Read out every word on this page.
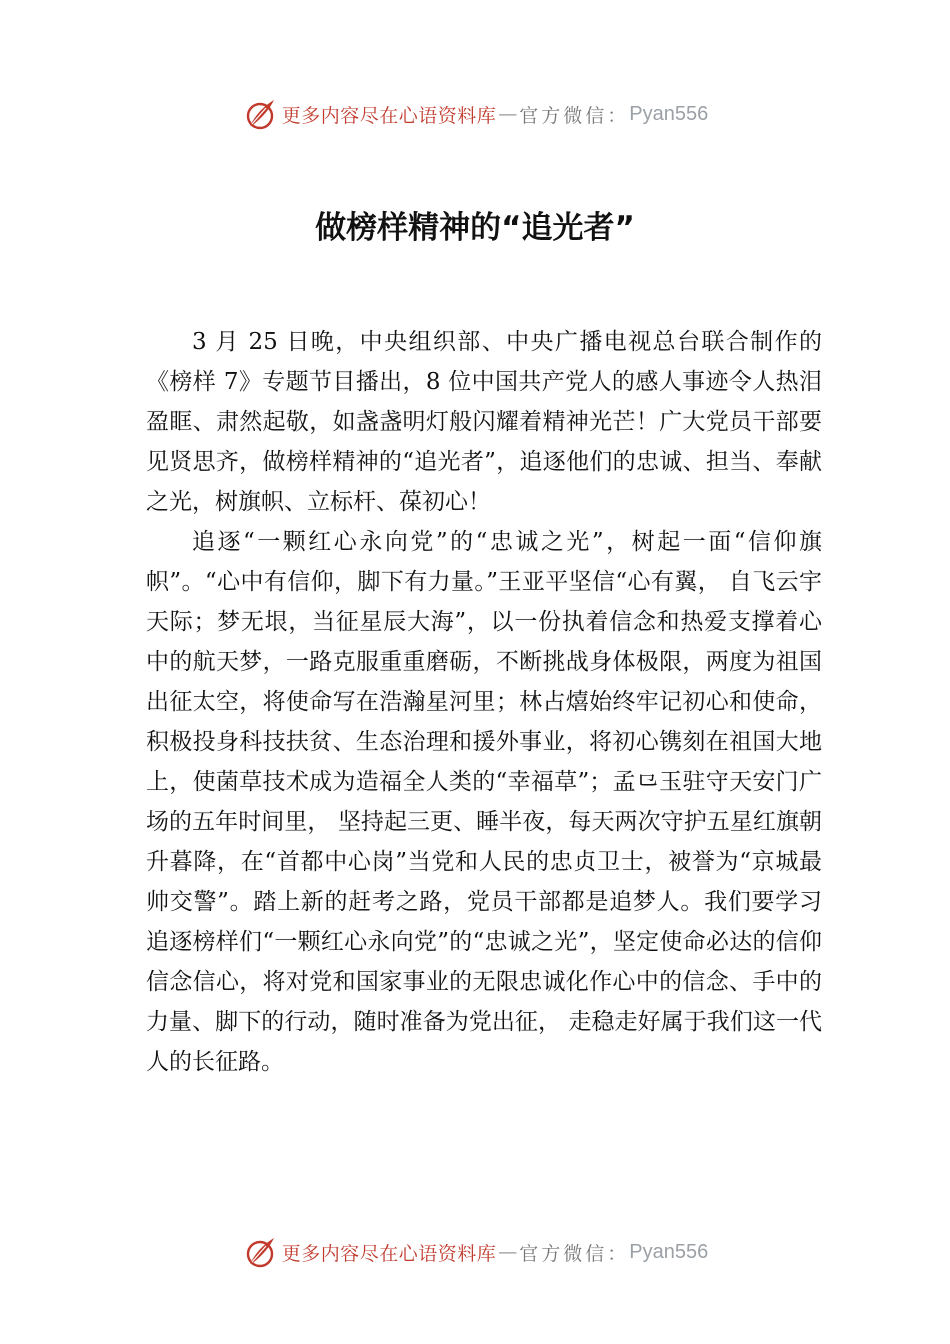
更多内容尽在心语资料库 — 官方微信： Pyan556
做榜样精神的“追光者”

3 月 25 日晚，中央组织部、中央广播电视总台联合制作的《榜样 7》专题节目播出，8 位中国共产党人的感人事迹令人热泪盈眶、肃然起敬，如盏盏明灯般闪耀着精神光芒！广大党员干部要见贤思齐，做榜样精神的“追光者”，追逐他们的忠诚、担当、奉献之光，树旗帜、立标杆、葆初心！

追逐“一颗红心永向党”的“忠诚之光”，树起一面“信仰旗帜”。“心中有信仰，脚下有力量。”王亚平坚信“心有翼， 自飞云宇天际；梦无垠，当征星辰大海”，以一份执着信念和热爱支撑着心中的航天梦，一路克服重重磨砺，不断挑战身体极限，两度为祖国出征太空，将使命写在浩瀚星河里；林占熺始终牢记初心和使命，积极投身科技扶贫、生态治理和援外事业，将初心镌刻在祖国大地上，使菌草技术成为造福全人类的“幸福草”；孟⺋玉驻守天安门广场的五年时间里， 坚持起三更、睡半夜，每天两次守护五星红旗朝升暮降，在“首都中心岗”当党和人民的忠贞卫士，被誉为“京城最帅交警”。踏上新的赶考之路，党员干部都是追梦人。我们要学习追逐榜样们“一颗红心永向党”的“忠诚之光”，坚定使命必达的信仰信念信心，将对党和国家事业的无限忠诚化作心中的信念、手中的力量、脚下的行动，随时准备为党出征， 走稳走好属于我们这一代人的长征路。

更多内容尽在心语资料库 — 官方微信： Pyan556
